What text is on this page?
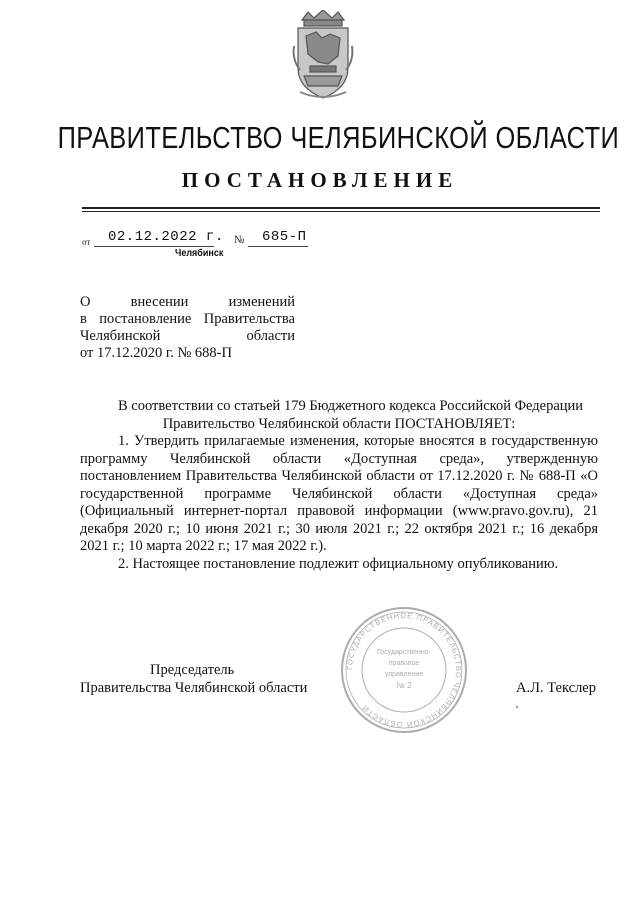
ПРАВИТЕЛЬСТВО ЧЕЛЯБИНСКОЙ ОБЛАСТИ
ПОСТАНОВЛЕНИЕ
от 02.12.2022 г. № 685-П
Челябинск
О внесении изменений
в постановление Правительства
Челябинской области
от 17.12.2020 г. № 688-П
В соответствии со статьей 179 Бюджетного кодекса Российской Федерации
Правительство Челябинской области ПОСТАНОВЛЯЕТ:
1. Утвердить прилагаемые изменения, которые вносятся в государственную программу Челябинской области «Доступная среда», утвержденную постановлением Правительства Челябинской области от 17.12.2020 г. № 688-П «О государственной программе Челябинской области «Доступная среда» (Официальный интернет-портал правовой информации (www.pravo.gov.ru), 21 декабря 2020 г.; 10 июня 2021 г.; 30 июля 2021 г.; 22 октября 2021 г.; 16 декабря 2021 г.; 10 марта 2022 г.; 17 мая 2022 г.).
2. Настоящее постановление подлежит официальному опубликованию.
Председатель
Правительства Челябинской области	А.Л. Текслер
ГОСУДАРСТВЕННОЕ ПРАВИТЕЛЬСТВО ЧЕЛЯБИНСКОЙ ОБЛАСТИ
Государственно-
правовое
управление
№ 2
